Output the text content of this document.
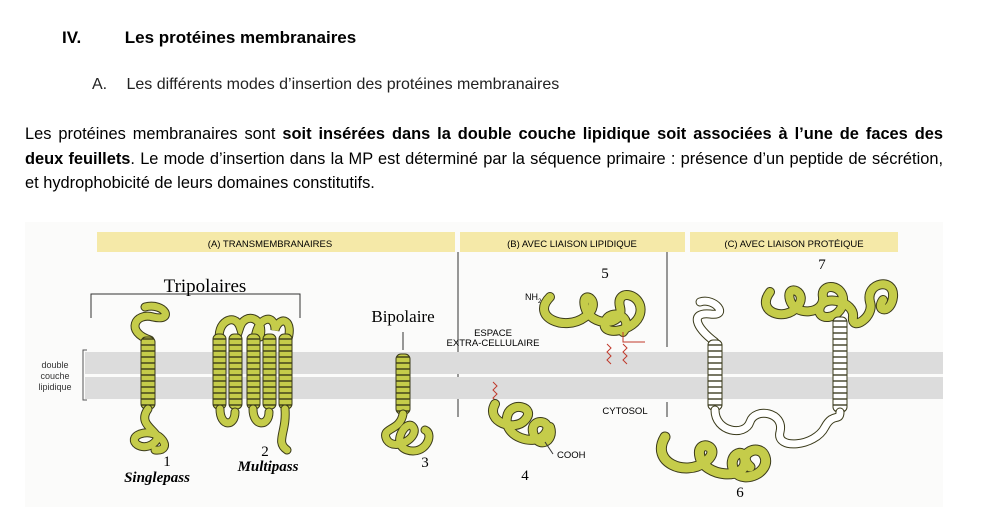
IV.	Les protéines membranaires
A. Les différents modes d’insertion des protéines membranaires
Les protéines membranaires sont soit insérées dans la double couche lipidique soit associées à l’une de faces des deux feuillets. Le mode d’insertion dans la MP est déterminé par la séquence primaire : présence d’un peptide de sécrétion, et hydrophobicité de leurs domaines constitutifs.
(A) TRANSMEMBRANAIRES	(B) AVEC LIAISON LIPIDIQUE	(C) AVEC LIAISON PROTÉIQUE
double
couche
lipidique
Tripolaires
1
Singlepass
2
Multipass
Bipolaire
3
ESPACE
EXTRA-CELLULAIRE
CYTOSOL
5
$NH_2$
COOH
4
7
6
